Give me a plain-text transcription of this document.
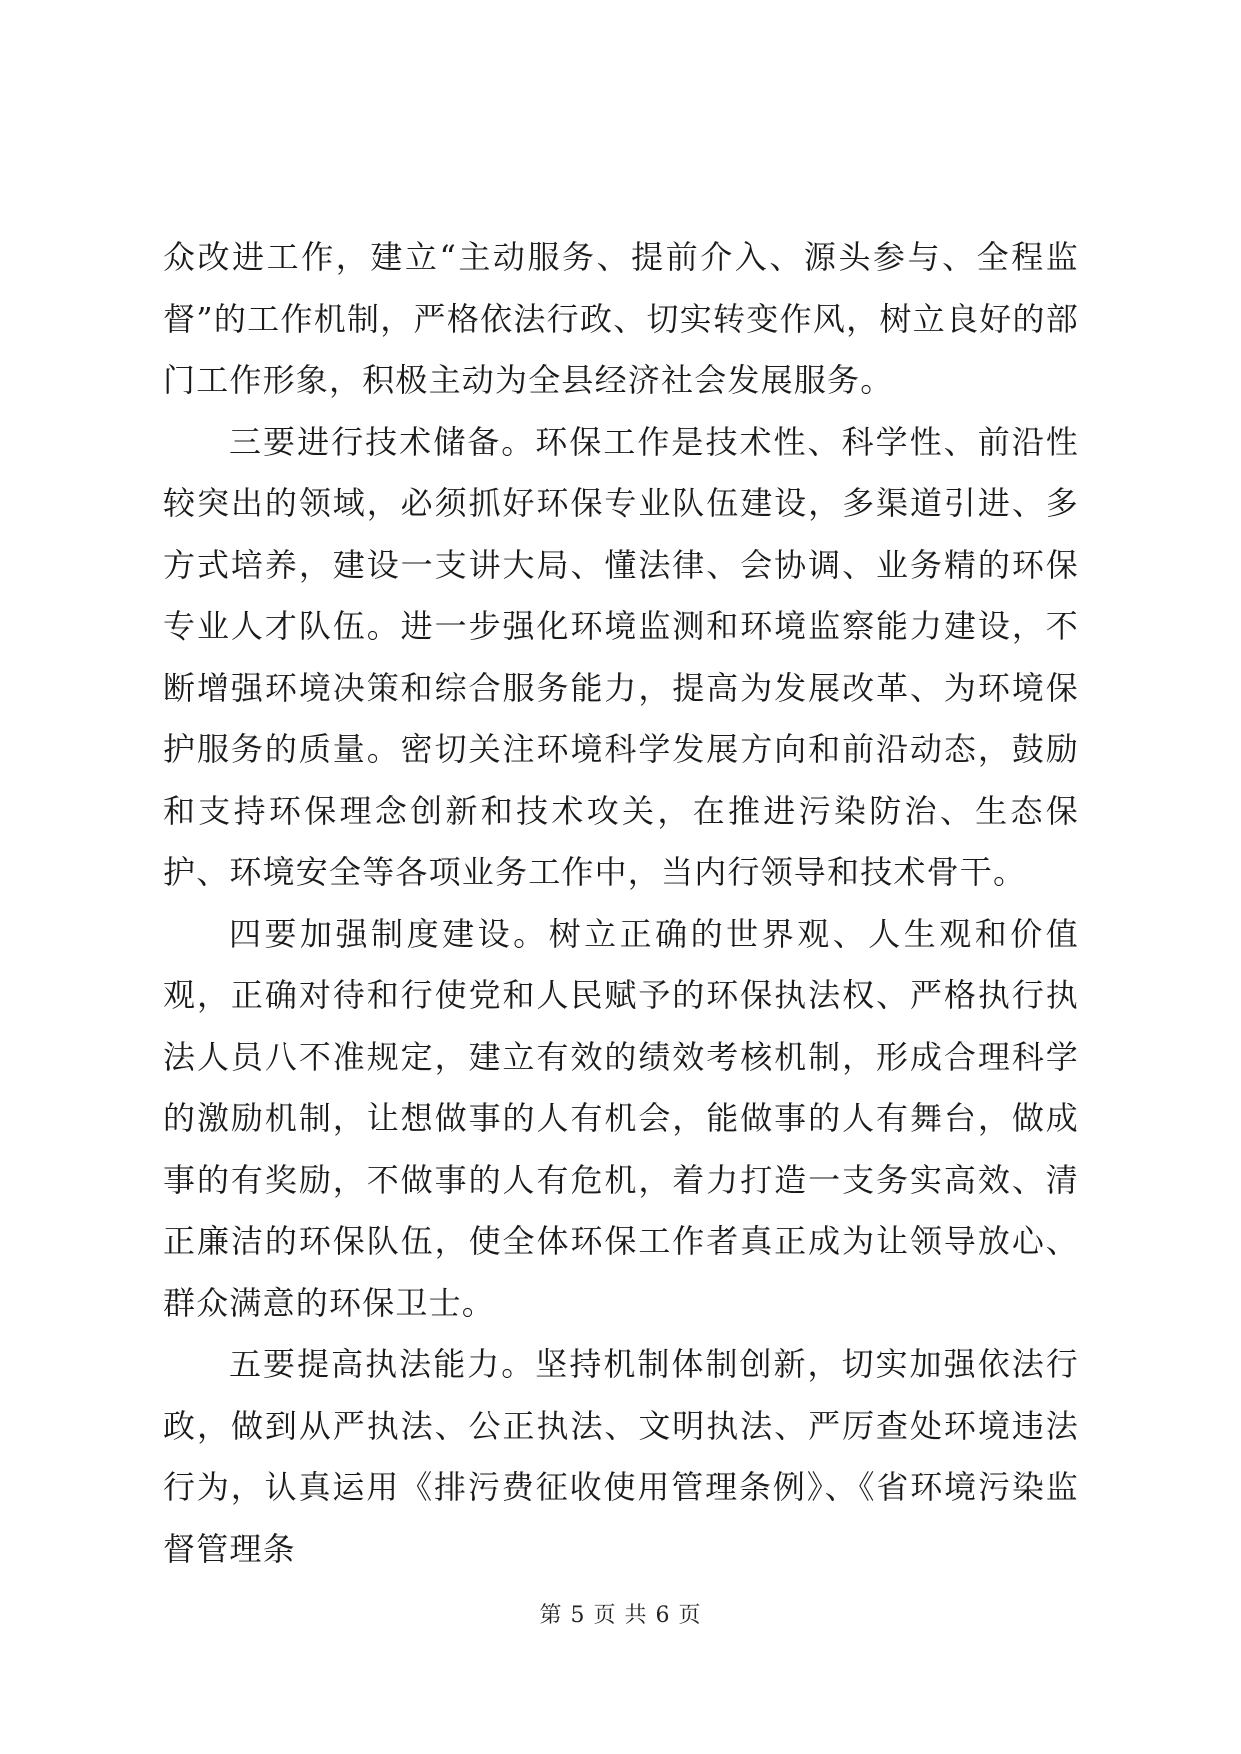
众改进工作，建立“主动服务、提前介入、源头参与、全程监督”的工作机制，严格依法行政、切实转变作风，树立良好的部门工作形象，积极主动为全县经济社会发展服务。

三要进行技术储备。环保工作是技术性、科学性、前沿性较突出的领域，必须抓好环保专业队伍建设，多渠道引进、多方式培养，建设一支讲大局、懂法律、会协调、业务精的环保专业人才队伍。进一步强化环境监测和环境监察能力建设，不断增强环境决策和综合服务能力，提高为发展改革、为环境保护服务的质量。密切关注环境科学发展方向和前沿动态，鼓励和支持环保理念创新和技术攻关，在推进污染防治、生态保护、环境安全等各项业务工作中，当内行领导和技术骨干。

四要加强制度建设。树立正确的世界观、人生观和价值观，正确对待和行使党和人民赋予的环保执法权、严格执行执法人员八不准规定，建立有效的绩效考核机制，形成合理科学的激励机制，让想做事的人有机会，能做事的人有舞台，做成事的有奖励，不做事的人有危机，着力打造一支务实高效、清正廉洁的环保队伍，使全体环保工作者真正成为让领导放心、群众满意的环保卫士。

五要提高执法能力。坚持机制体制创新，切实加强依法行政，做到从严执法、公正执法、文明执法、严厉查处环境违法行为，认真运用《排污费征收使用管理条例》、《省环境污染监督管理条

第 5 页 共 6 页
